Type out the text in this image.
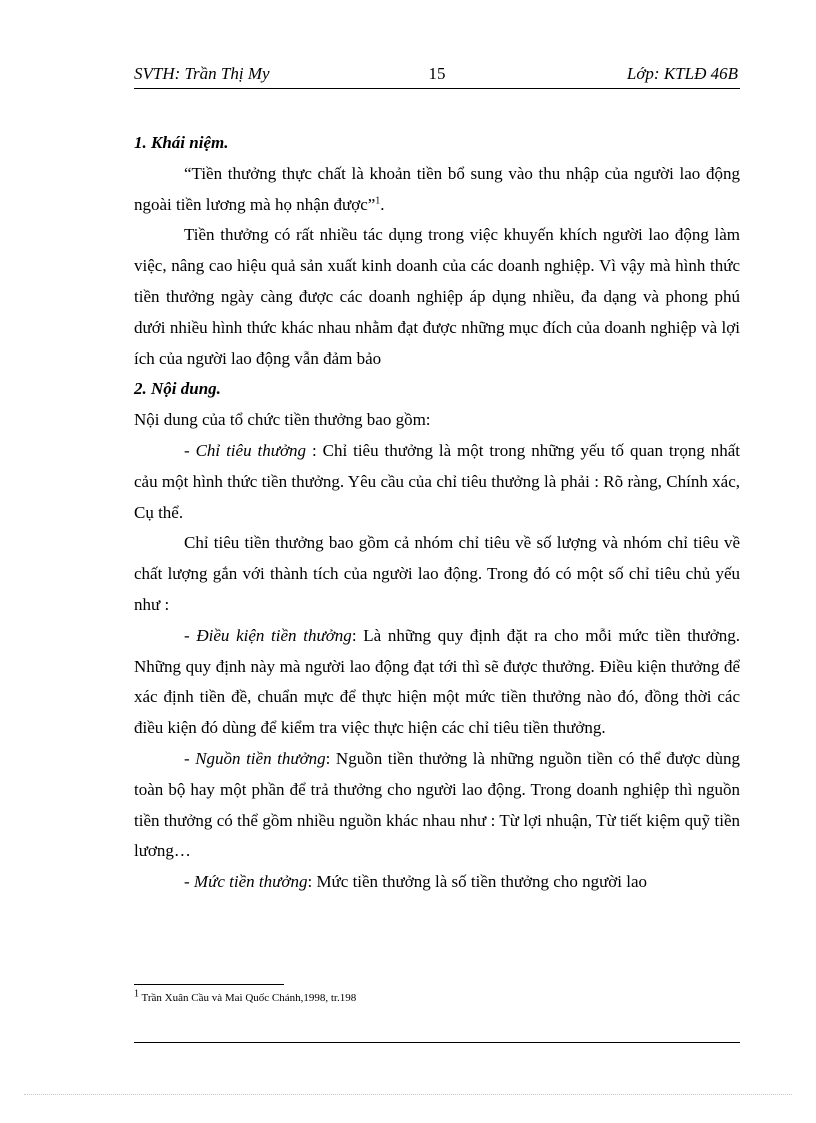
SVTH: Trần Thị My	15	Lớp: KTLĐ 46B

1. Khái niệm.

“Tiền thưởng thực chất là khoản tiền bổ sung vào thu nhập của người lao động ngoài tiền lương mà họ nhận được”$^1$.

Tiền thưởng có rất nhiều tác dụng trong việc khuyến khích người lao động làm việc, nâng cao hiệu quả sản xuất kinh doanh của các doanh nghiệp. Vì vậy mà hình thức tiền thưởng ngày càng được các doanh nghiệp áp dụng nhiều, đa dạng và phong phú dưới nhiều hình thức khác nhau nhằm đạt được những mục đích của doanh nghiệp và lợi ích của người lao động vẫn đảm bảo

2. Nội dung.

Nội dung của tổ chức tiền thưởng bao gồm:

- Chỉ tiêu thưởng : Chỉ tiêu thưởng là một trong những yếu tố quan trọng nhất cảu một hình thức tiền thưởng. Yêu cầu của chỉ tiêu thưởng là phải : Rõ ràng, Chính xác, Cụ thể.

Chỉ tiêu tiền thưởng bao gồm cả nhóm chỉ tiêu về số lượng và nhóm chỉ tiêu về chất lượng gắn với thành tích của người lao động. Trong đó có một số chỉ tiêu chủ yếu như :

- Điều kiện tiền thưởng: Là những quy định đặt ra cho mỗi mức tiền thưởng. Những quy định này mà người lao động đạt tới thì sẽ được thưởng. Điều kiện thưởng để xác định tiền đề, chuẩn mực để thực hiện một mức tiền thưởng nào đó, đồng thời các điều kiện đó dùng để kiểm tra việc thực hiện các chỉ tiêu tiền thưởng.

- Nguồn tiền thưởng: Nguồn tiền thưởng là những nguồn tiền có thể được dùng toàn bộ hay một phần để trả thưởng cho người lao động. Trong doanh nghiệp thì nguồn tiền thưởng có thể gồm nhiều nguồn khác nhau như : Từ lợi nhuận, Từ tiết kiệm quỹ tiền lương…

- Mức tiền thưởng: Mức tiền thưởng là số tiền thưởng cho người lao

$^1$ Trần Xuân Cầu và Mai Quốc Chánh,1998, tr.198
